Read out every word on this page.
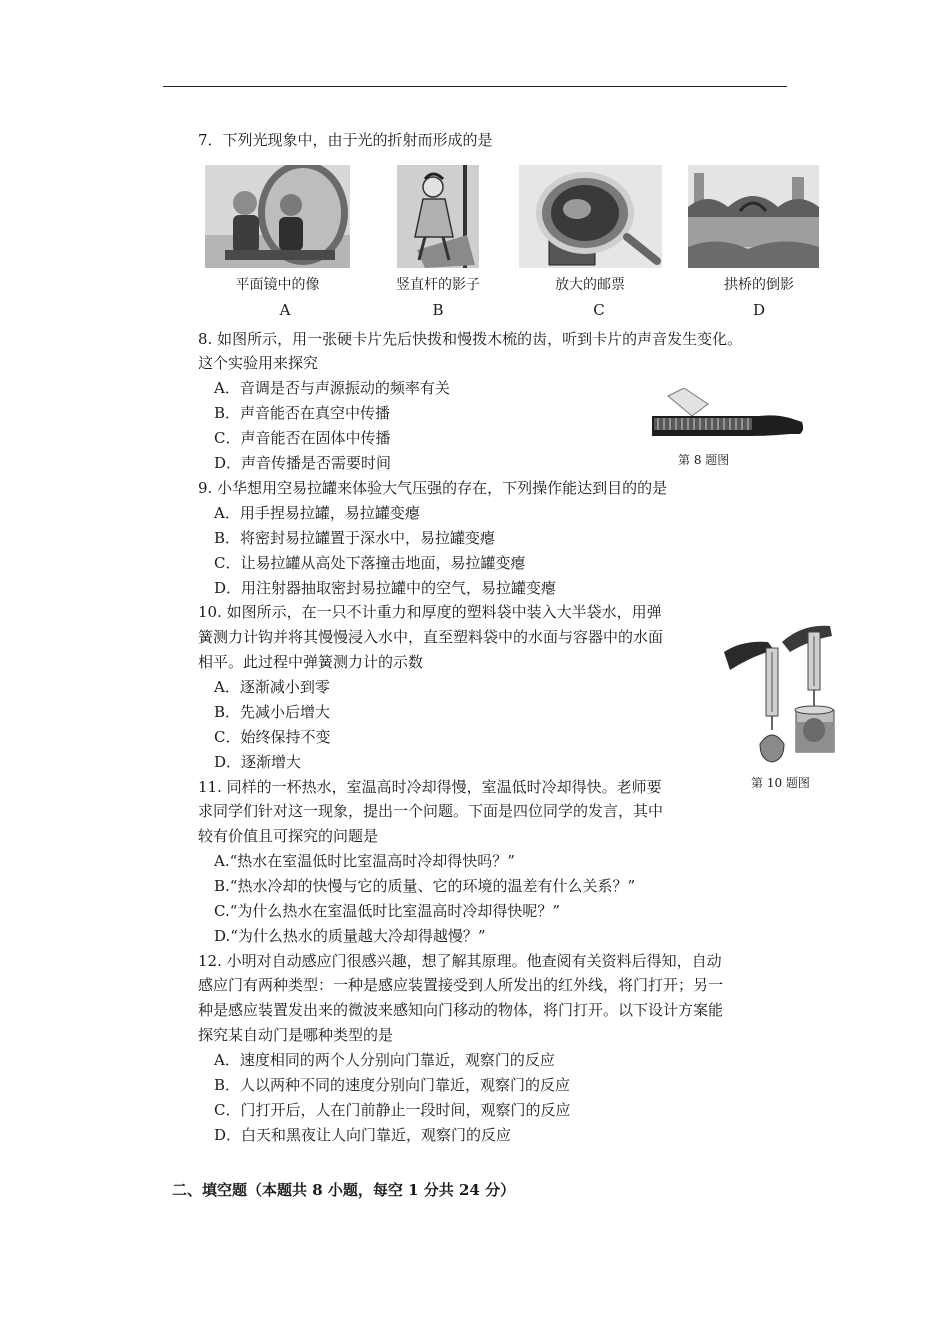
7．下列光现象中，由于光的折射而形成的是
平面镜中的像	竖直杆的影子	放大的邮票	拱桥的倒影
A	B	C	D
8. 如图所示，用一张硬卡片先后快拨和慢拨木梳的齿，听到卡片的声音发生变化。
这个实验用来探究
A．音调是否与声源振动的频率有关
B．声音能否在真空中传播
C．声音能否在固体中传播
D．声音传播是否需要时间	第 8 题图
9. 小华想用空易拉罐来体验大气压强的存在，下列操作能达到目的的是
A．用手捏易拉罐，易拉罐变瘪
B．将密封易拉罐置于深水中，易拉罐变瘪
C．让易拉罐从高处下落撞击地面，易拉罐变瘪
D．用注射器抽取密封易拉罐中的空气，易拉罐变瘪
10. 如图所示，在一只不计重力和厚度的塑料袋中装入大半袋水，用弹
簧测力计钩并将其慢慢浸入水中，直至塑料袋中的水面与容器中的水面
相平。此过程中弹簧测力计的示数
A．逐渐减小到零
B．先减小后增大
C．始终保持不变
D．逐渐增大
第 10 题图
11. 同样的一杯热水，室温高时冷却得慢，室温低时冷却得快。老师要
求同学们针对这一现象，提出一个问题。下面是四位同学的发言，其中
较有价值且可探究的问题是
A.“热水在室温低时比室温高时冷却得快吗？”
B.“热水冷却的快慢与它的质量、它的环境的温差有什么关系？”
C.“为什么热水在室温低时比室温高时冷却得快呢？”
D.“为什么热水的质量越大冷却得越慢？”
12. 小明对自动感应门很感兴趣，想了解其原理。他查阅有关资料后得知，自动
感应门有两种类型：一种是感应装置接受到人所发出的红外线，将门打开；另一
种是感应装置发出来的微波来感知向门移动的物体，将门打开。以下设计方案能
探究某自动门是哪种类型的是
A．速度相同的两个人分别向门靠近，观察门的反应
B．人以两种不同的速度分别向门靠近，观察门的反应
C．门打开后，人在门前静止一段时间，观察门的反应
D．白天和黑夜让人向门靠近，观察门的反应
二、填空题（本题共 8 小题，每空 1 分共 24 分）
